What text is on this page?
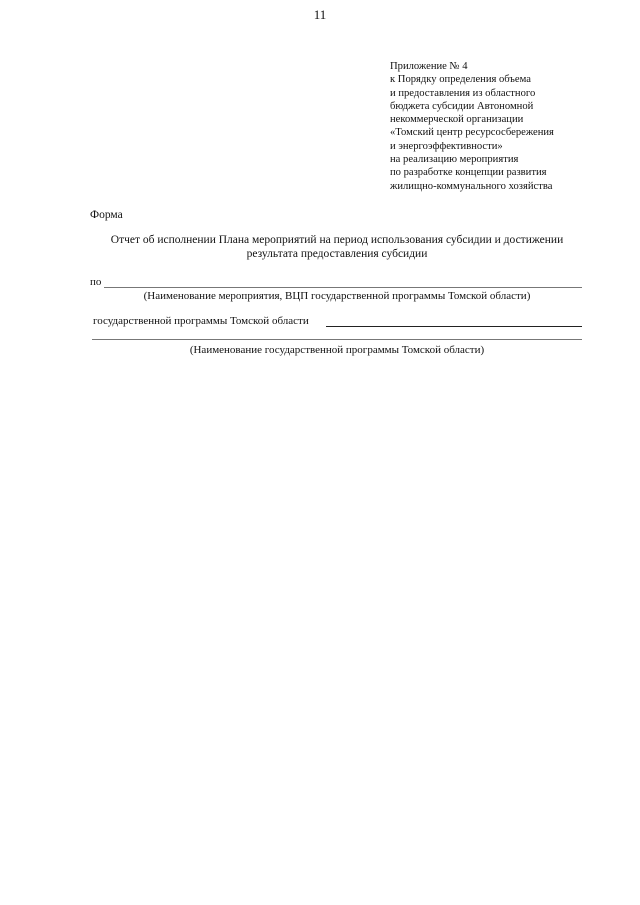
11
Приложение № 4
к Порядку определения объема
и предоставления из областного
бюджета субсидии Автономной
некоммерческой организации
«Томский центр ресурсосбережения
и энергоэффективности»
на реализацию мероприятия
по разработке концепции развития
жилищно-коммунального хозяйства
Форма
Отчет об исполнении Плана мероприятий на период использования субсидии и достижении
результата предоставления субсидии
по
(Наименование мероприятия, ВЦП государственной программы Томской области)
государственной программы Томской области
(Наименование государственной программы Томской области)
